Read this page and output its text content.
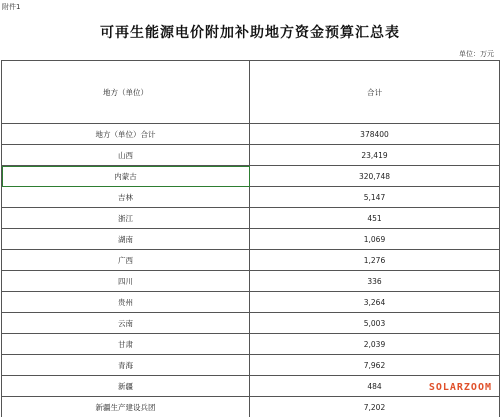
附件1
可再生能源电价附加补助地方资金预算汇总表
单位：万元
地方（单位）	合计
地方（单位）合计	378400
山西	23,419
内蒙古	320,748
吉林	5,147
浙江	451
湖南	1,069
广西	1,276
四川	336
贵州	3,264
云南	5,003
甘肃	2,039
青海	7,962
新疆	484
新疆生产建设兵团	7,202
SOLARZOOM
